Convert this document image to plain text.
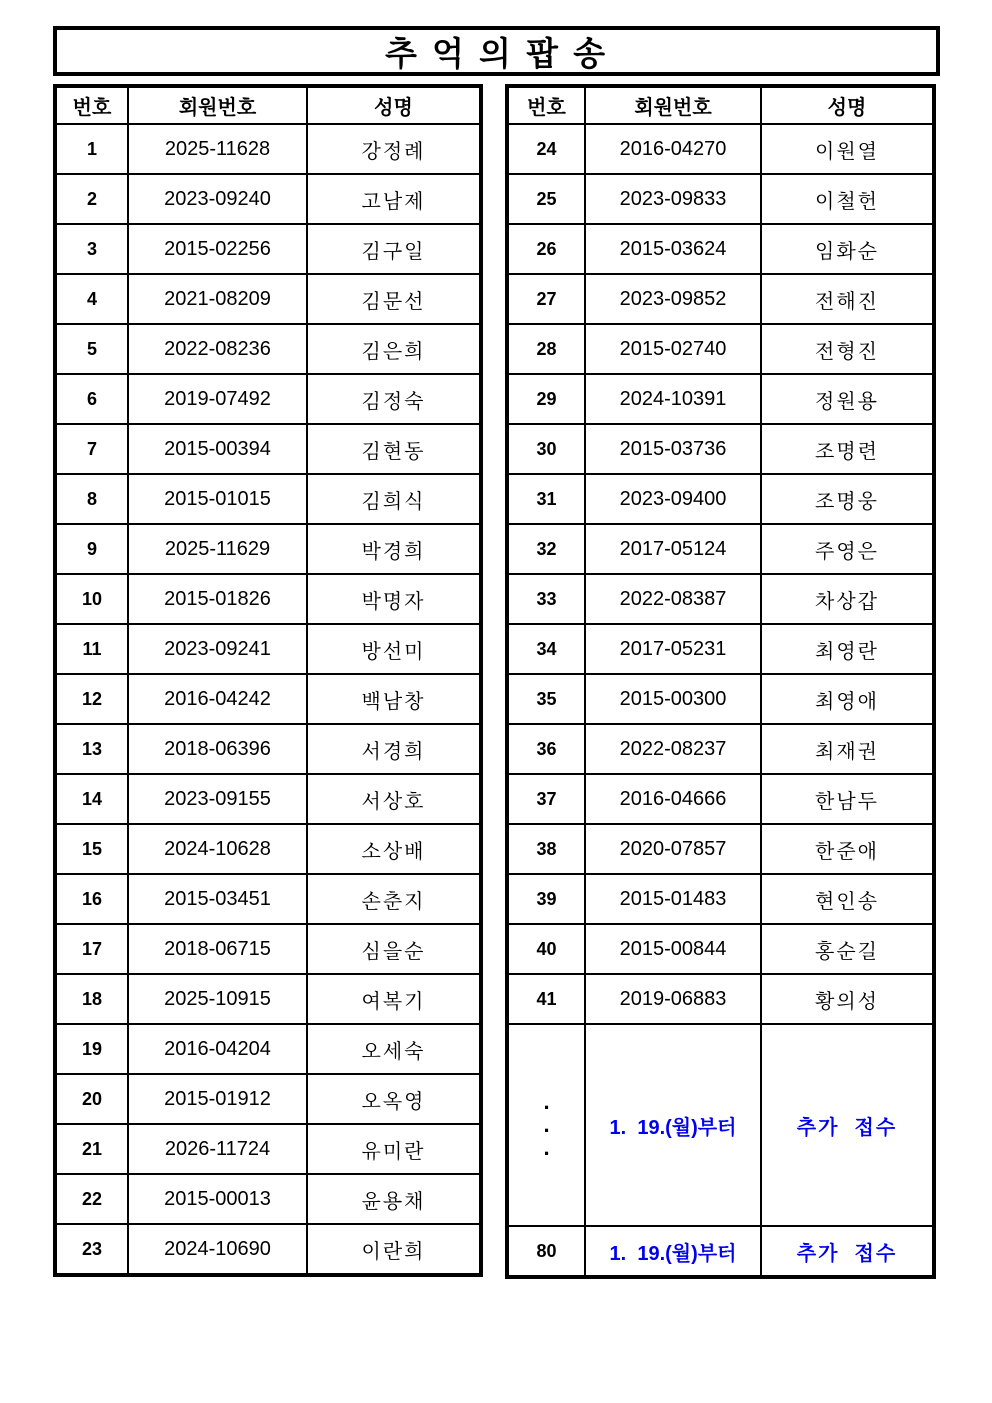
추 억 의 팝 송
번호	회원번호	성명
1	2025-11628	강정례
2	2023-09240	고남제
3	2015-02256	김구일
4	2021-08209	김문선
5	2022-08236	김은희
6	2019-07492	김정숙
7	2015-00394	김현동
8	2015-01015	김희식
9	2025-11629	박경희
10	2015-01826	박명자
11	2023-09241	방선미
12	2016-04242	백남창
13	2018-06396	서경희
14	2023-09155	서상호
15	2024-10628	소상배
16	2015-03451	손춘지
17	2018-06715	심을순
18	2025-10915	여복기
19	2016-04204	오세숙
20	2015-01912	오옥영
21	2026-11724	유미란
22	2015-00013	윤용채
23	2024-10690	이란희
번호	회원번호	성명
24	2016-04270	이원열
25	2023-09833	이철헌
26	2015-03624	임화순
27	2023-09852	전해진
28	2015-02740	전형진
29	2024-10391	정원용
30	2015-03736	조명련
31	2023-09400	조명웅
32	2017-05124	주영은
33	2022-08387	차상갑
34	2017-05231	최영란
35	2015-00300	최영애
36	2022-08237	최재권
37	2016-04666	한남두
38	2020-07857	한준애
39	2015-01483	현인송
40	2015-00844	홍순길
41	2019-06883	황의성

.
.
.	1.  19.(월)부터	추가  접수
80	1.  19.(월)부터	추가  접수
